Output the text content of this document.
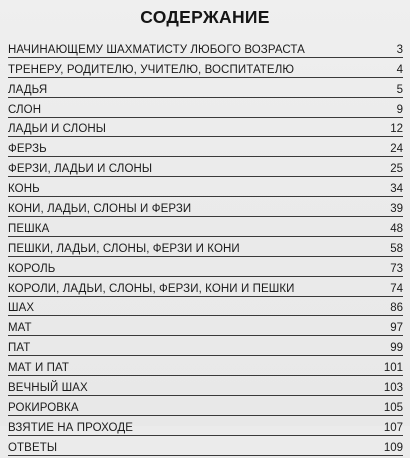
СОДЕРЖАНИЕ
НАЧИНАЮЩЕМУ ШАХМАТИСТУ ЛЮБОГО ВОЗРАСТА	3
ТРЕНЕРУ, РОДИТЕЛЮ, УЧИТЕЛЮ, ВОСПИТАТЕЛЮ	4
ЛАДЬЯ	5
СЛОН	9
ЛАДЬИ И СЛОНЫ	12
ФЕРЗЬ	24
ФЕРЗИ, ЛАДЬИ И СЛОНЫ	25
КОНЬ	34
КОНИ, ЛАДЬИ, СЛОНЫ И ФЕРЗИ	39
ПЕШКА	48
ПЕШКИ, ЛАДЬИ, СЛОНЫ, ФЕРЗИ И КОНИ	58
КОРОЛЬ	73
КОРОЛИ, ЛАДЬИ, СЛОНЫ, ФЕРЗИ, КОНИ И ПЕШКИ	74
ШАХ	86
МАТ	97
ПАТ	99
МАТ И ПАТ	101
ВЕЧНЫЙ ШАХ	103
РОКИРОВКА	105
ВЗЯТИЕ НА ПРОХОДЕ	107
ОТВЕТЫ	109
